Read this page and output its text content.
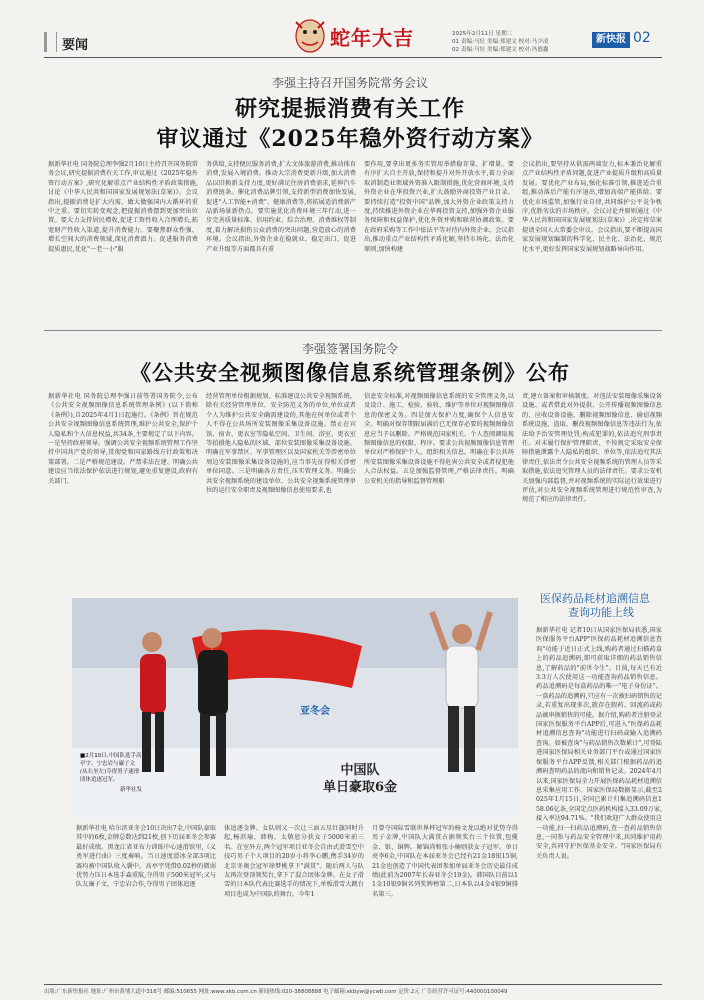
要闻	蛇年大吉	2025年2月11日 星期二
01 责编:马壮 美编:郑建文 校对:马少凌
02 责编:马壮 美编:郑建文 校对:冯德鑫
新快报 02
李强主持召开国务院常务会议
研究提振消费有关工作
审议通过《2025年稳外资行动方案》
据新华社电 国务院总理李强2月10日主持召开国务院常务会议,研究提振消费有关工作,审议通过《2025年稳外资行动方案》,研究化解重点产业结构性矛盾政策措施,讨论《中华人民共和国国家发展规划法(草案)》。会议指出,提振消费是扩大内需、做大做强国内大循环的重中之重。要切实转变观念,把提振消费摆到更加突出位置。要大力支持居民增收,促进工资性收入合理增长,拓宽财产性收入渠道,提升消费能力。要聚焦群众性强、增长空间大的消费领域,深化消费潜力。促进服务消费提质惠民,优化"一老一小"服
务供给,支持便民服务消费,扩大文体旅游消费,推动体育消费,发展入境消费。推动大宗消费更新升级,加大消费品以旧换新支持力度,更好满足住房消费需求,延伸汽车消费链条。催化消费品牌引领,支持新型消费加快发展,促进"人工智能+消费"、健康消费等,将拓展适消费新产品新场景新热点。要实施优化消费环境三年行动,进一步完善质量标准、信用约束、综合治理、消费维权等制度,着力解决损伤公众消费的突出问题,营造放心的消费环境。会议指出,外资企业在稳就业、稳定出口、促进产业升级等方面都具有重
要作用,要拿出更多务实管用举措稳存量、扩增量。要有序扩大自主开放,保持和提升对外开放水平,着力全面取消制造业领域外资准入限制措施,优化营商环境,支持外资企业在华投资兴业,扩大鼓励外商投资产业目录。要持续打造"投资中国"品牌,加大外资企业政策支持力度,持续推进外资企业在华再投资支持,加强外资企业服务保障和权益保护,优化外资并购和联营协调政策。要在政府采购等工作中依法平等对待内外资企业。会议指出,推动重点产业结构性矛盾化解,坚持市场化、法治化原则,加快构建
会议指出,要坚持从供需两端发力,标本兼治化解重点产业结构性矛盾问题,促进产业提质升级和高质量发展。要优化产业布局,强化标准引领,推进适合重组,推动落后产能有序退出,增加高端产能供给。要优化市场监管,加强行业自律,共同维护公平竞争秩序,优胜劣汰的市场秩序。会议讨论并原则通过《中华人民共和国国家发展规划法(草案)》,决定将草案提请全国人大常委会审议。会议指出,要不断提高国家发展规划编制的科学化、民主化、法治化、规范化水平,更好发挥国家发展规划战略导向作用。
李强签署国务院令
《公共安全视频图像信息系统管理条例》公布
据新华社电 国务院总理李强日前签署国务院令,公布《公共安全视频图像信息系统管理条例》(以下简称《条例》),自2025年4月1日起施行。《条例》旨在规范公共安全视频图像信息系统管理,维护公共安全,保护个人隐私和个人信息权益,共34条,主要规定了以下内容。一是坚持政府领导。强调公共安全视频系统管理工作坚持中国共产党的领导,贯彻党和国家路线方针政策和决策部署。二是严格规范建设。严禁非法在建、明确公共建设应当依法保护依法进行规划,避免重复建设,政府有关部门、
经营管理单位根据规划、标准建设公共安全视频系统。除有关经营管理单位、安全防范义务的单位,单位或者个人为维护公共安全确需建设的,其他在何单位或者个人不得在公共场所安装图像采集设备设施。禁止在宾馆、宿舍、更衣室等隐私空间、卫生间、浴室、更衣室等拍摄他人隐私的区域、部位安装图像采集设备设施。明确在军事禁区、军事管理区以及国家机关等涉密单位周边安装图像采集设备设施的,应当事先征得相关涉密单位同意。三是明确各方责任,压实管理义务。明确公共安全视频系统的建设单位、公共安全视频系统管理单位的运行安全职责及视频图像信息使用要求,也
信息安全标准,对视频图像信息系统的安全管理义务,以及设计、施工、检验、验收、维护等单位对视频图像信息的保密义务。四是加大保护力度,确保个人信息安全。明确对保存期限届满后已无保存必要的视频图像信息应当予以删除。严格规范国家机关、个人查阅调取视频图像信息的权限、程序。要求公共视频图像信息管理单位对严格保护个人、组织相关信息。明确在非公共场所安装图像采集设备设施不得危害公共安全或者侵犯他人合法权益。五是加强监督管理,严格法律责任。明确公安机关的指导和监督管理职
责,建立备案和审核制度。对违法安装图像采集设备设施、或者借此对外提供、公开传播视频图像信息的、应收设备设施、删除视频图像信息、偷窃视频系统设施、盗取、删改视频图像信息等违法行为,依法给予治安管理处罚;构成犯罪的,依法追究刑事责任。对未履行保护管理职责、不按规定采取安全保障措施泄露个人隐私的组织、单位等,依法追究其法律责任,依法责令公共安全视频系统的管理人员等采取措施,依法追究管理人员的法律责任。要求公安机关加强内部监督,并对视频系统的实际运行效果进行评估,对公共安全视频系统管理进行规范性审查,为规范了相应的法律责任。
亚冬会
■2月10日,中国队选手高亭宇、宁忠岩与廉子文(从右至左)夺得男子速滑团体追逐冠军。
新华社发
中国队
单日豪取6金
据新华社电 哈尔滨亚冬会10日决出7金,中国队豪取其中的6枚,金牌总数达到21枚,创下历届亚冬会参赛最好成绩。黑龙江省亚布力训练中心速滑馆里,《义勇军进行曲》三度奏响。当日速度滑冰全部3项比赛均被中国队收入囊中。高亭宇凭借0.02秒的微弱优势力压日本选手森重航,夺得男子500米冠军;又与队友廉子文、宁忠岩合作,夺得男子团体追逐
体追逐金牌。女队则又一次让三面五星红旗同时升起,杨滨瑜、韩梅、太敬恩分获女子5000米前三名。在室外方,两个冠军项目亚冬会自由式滑雪空中技巧男子个人项目的20岁小将李心鹏,携手34岁的北京冬奥会冠军徐梦桃拿下"满贯"。随后两人与队友再次登顶领奖台,拿下了混合团体金牌。在女子滑雪的日本队代表比赛选手的情况下,单板滑雪大跳台项目也成为中国队的舞台。今年1
月曾夺国际雪联世界杯冠军的杨文龙以绝对优势夺得男子金牌,中国队大满贯占据领奖台三个位置,包揽金、银、铜牌。解锦尚和张小楠则获女子冠军。单日亮李6金,中国队在本届亚冬会已经有21金18银15铜,21金也创造了中国代表团参加单届亚冬会历史最佳成绩(此前为2007年长春亚冬会19金)。韩国队目前以11金10银9铜名列奖牌榜第二,日本队以4金4银9铜排名第三。
医保药品耗材追溯信息
查询功能上线
据新华社电 记者10日从国家医保局获悉,国家医保服务平台APP"医保药品耗材追溯信息查询"功能于近日正式上线,购药者通过扫描药盒上的药品追溯码,即可获取详细的药品销售信息,了解药品的"前世今生"。目前,每天已有近3.3万人次使用这一功能查询药品销售信息。药品追溯码是每盒药品的唯一"电子身份证"。一盒药品的追溯码,只应有一次被扫码销售的记录,若重复出现多次,就存在假药、回流药或药品被串换销售的可能。据介绍,购药者注册登录国家医保服务平台APP后,可进入"医保药品耗材追溯信息查询"功能进行扫码或输入追溯码查询。如被查询"与药品销售次数累计",可登陆进国家医保局相关业务部门平台或通过国家医保服务平台APP反馈,相关部门根据药品的追溯码查明药品的流向和销售记录。2024年4月以来,国家医保局全力开展医保药品耗材追溯信息采集应用工作。国家医保局数据显示,截至2025年1月15日,全国已累计归集追溯码信息158.06亿条,全国定点医药机构接入33.09万家,接入率达94.71%。"我们欢迎广大群众使用这一功能,扫一扫药品追溯码,查一查药品销售信息,一同参与药品安全管理中来,共同维护用药安全,共同守护医保基金安全。"国家医保局有关负责人说。
出版:广东新快报社 地址:广州市黄埔大道中316号 邮编:510655 网址:www.xkb.com.cn 新闻热线:020-38808888 电子邮箱:xkbyw@ycwb.com 定价:2元 广告经营许可证号:440000100049
